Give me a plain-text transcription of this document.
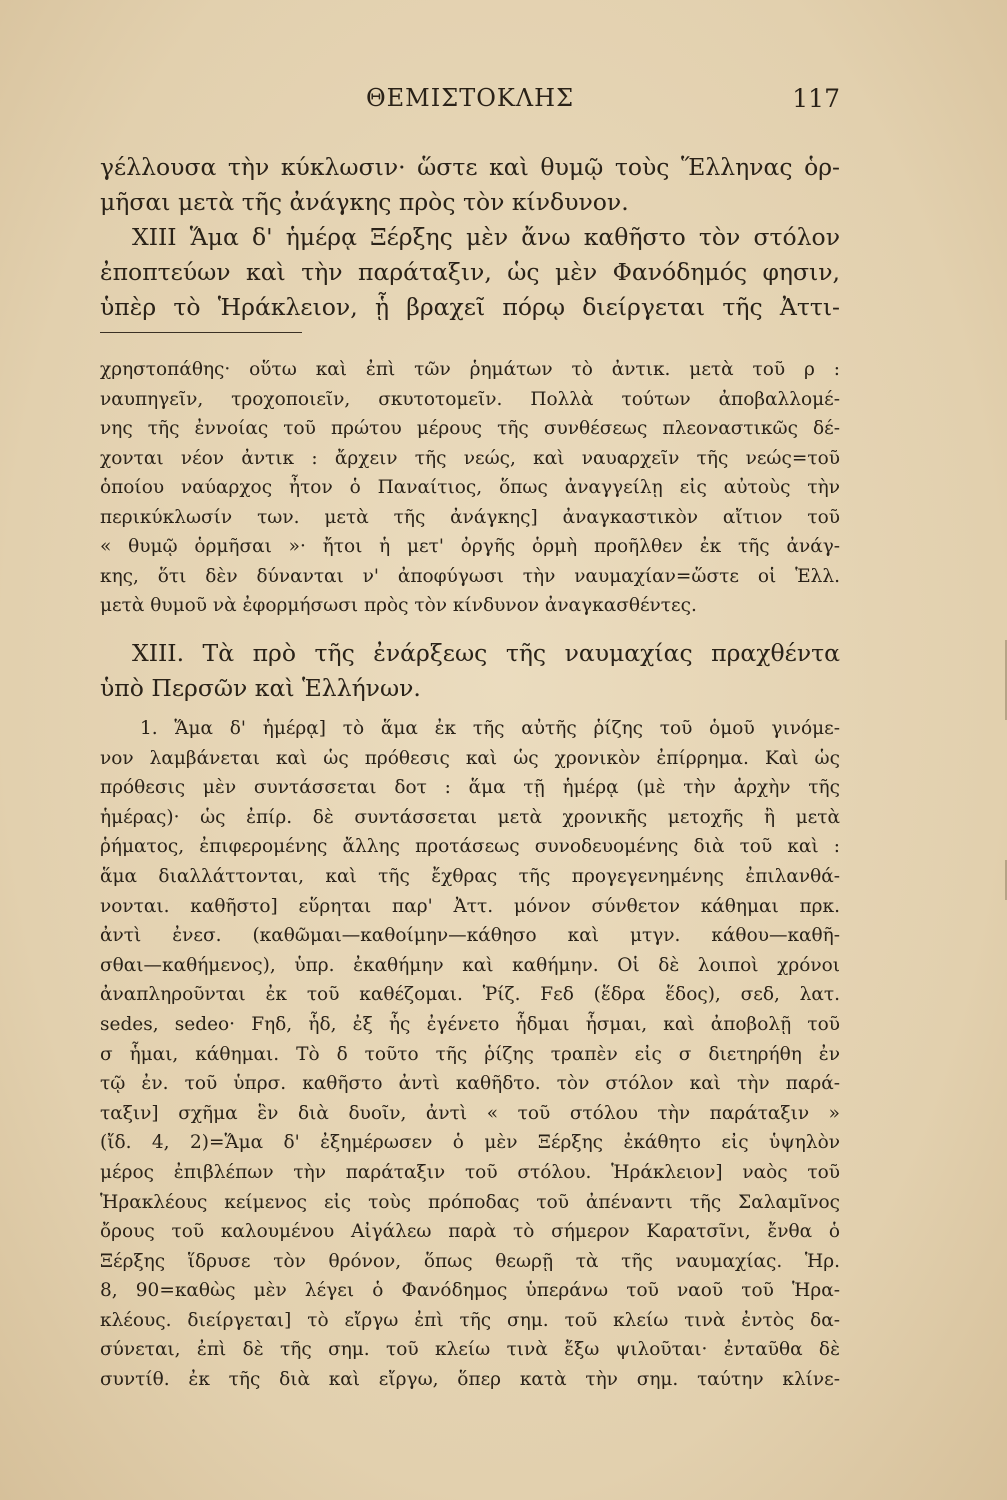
ΘΕΜΙΣΤΟΚΛΗΣ	117

γέλλουσα τὴν κύκλωσιν· ὥστε καὶ θυμῷ τοὺς Ἕλληνας ὁρ-

μῆσαι μετὰ τῆς ἀνάγκης πρὸς τὸν κίνδυνον.

XIII Ἅμα δ' ἡμέρᾳ Ξέρξης μὲν ἄνω καθῆστο τὸν στόλον

ἐποπτεύων καὶ τὴν παράταξιν, ὡς μὲν Φανόδημός φησιν,

ὑπὲρ τὸ Ἡράκλειον, ᾗ βραχεῖ πόρῳ διείργεται τῆς Ἀττι-

χρηστοπάθης· οὕτω καὶ ἐπὶ τῶν ῥημάτων τὸ ἀντικ. μετὰ τοῦ ρ :

ναυπηγεῖν, τροχοποιεῖν, σκυτοτομεῖν. Πολλὰ τούτων ἀποβαλλομέ-

νης τῆς ἐννοίας τοῦ πρώτου μέρους τῆς συνθέσεως πλεοναστικῶς δέ-

χονται νέον ἀντικ : ἄρχειν τῆς νεώς, καὶ ναυαρχεῖν τῆς νεώς=τοῦ

ὁποίου ναύαρχος ἦτον ὁ Παναίτιος, ὅπως ἀναγγείλῃ εἰς αὐτοὺς τὴν

περικύκλωσίν των. μετὰ τῆς ἀνάγκης] ἀναγκαστικὸν αἴτιον τοῦ

« θυμῷ ὁρμῆσαι »· ἤτοι ἡ μετ' ὀργῆς ὁρμὴ προῆλθεν ἐκ τῆς ἀνάγ-

κης, ὅτι δὲν δύνανται ν' ἀποφύγωσι τὴν ναυμαχίαν=ὥστε οἱ Ἑλλ.

μετὰ θυμοῦ νὰ ἐφορμήσωσι πρὸς τὸν κίνδυνον ἀναγκασθέντες.

XIII. Τὰ πρὸ τῆς ἐνάρξεως τῆς ναυμαχίας πραχθέντα

ὑπὸ Περσῶν καὶ Ἑλλήνων.

1. Ἅμα δ' ἡμέρᾳ] τὸ ἅμα ἐκ τῆς αὐτῆς ῥίζης τοῦ ὁμοῦ γινόμε-

νον λαμβάνεται καὶ ὡς πρόθεσις καὶ ὡς χρονικὸν ἐπίρρημα. Καὶ ὡς

πρόθεσις μὲν συντάσσεται δοτ : ἅμα τῇ ἡμέρᾳ (μὲ τὴν ἀρχὴν τῆς

ἡμέρας)· ὡς ἐπίρ. δὲ συντάσσεται μετὰ χρονικῆς μετοχῆς ἢ μετὰ

ῥήματος, ἐπιφερομένης ἄλλης προτάσεως συνοδευομένης διὰ τοῦ καὶ :

ἅμα διαλλάττονται, καὶ τῆς ἔχθρας τῆς προγεγενημένης ἐπιλανθά-

νονται. καθῆστο] εὕρηται παρ' Ἀττ. μόνον σύνθετον κάθημαι πρκ.

ἀντὶ ἐνεσ. (καθῶμαι—καθοίμην—κάθησο καὶ μτγν. κάθου—καθῆ-

σθαι—καθήμενος), ὑπρ. ἐκαθήμην καὶ καθήμην. Οἱ δὲ λοιποὶ χρόνοι

ἀναπληροῦνται ἐκ τοῦ καθέζομαι. Ῥίζ. Fεδ (ἕδρα ἕδος), σεδ, λατ.

sedes, sedeo· Fηδ, ἧδ, ἐξ ἧς ἐγένετο ἧδμαι ἧσμαι, καὶ ἀποβολῇ τοῦ

σ ἧμαι, κάθημαι. Τὸ δ τοῦτο τῆς ῥίζης τραπὲν εἰς σ διετηρήθη ἐν

τῷ ἐν. τοῦ ὑπρσ. καθῆστο ἀντὶ καθῆδτο. τὸν στόλον καὶ τὴν παρά-

ταξιν] σχῆμα ἓν διὰ δυοῖν, ἀντὶ « τοῦ στόλου τὴν παράταξιν »

(ἴδ. 4, 2)=Ἅμα δ' ἐξημέρωσεν ὁ μὲν Ξέρξης ἐκάθητο εἰς ὑψηλὸν

μέρος ἐπιβλέπων τὴν παράταξιν τοῦ στόλου. Ἡράκλειον] ναὸς τοῦ

Ἡρακλέους κείμενος εἰς τοὺς πρόποδας τοῦ ἀπέναντι τῆς Σαλαμῖνος

ὄρους τοῦ καλουμένου Αἰγάλεω παρὰ τὸ σήμερον Καρατσῖνι, ἔνθα ὁ

Ξέρξης ἵδρυσε τὸν θρόνον, ὅπως θεωρῇ τὰ τῆς ναυμαχίας. Ἡρ.

8, 90=καθὼς μὲν λέγει ὁ Φανόδημος ὑπεράνω τοῦ ναοῦ τοῦ Ἡρα-

κλέους. διείργεται] τὸ εἴργω ἐπὶ τῆς σημ. τοῦ κλείω τινὰ ἐντὸς δα-

σύνεται, ἐπὶ δὲ τῆς σημ. τοῦ κλείω τινὰ ἔξω ψιλοῦται· ἐνταῦθα δὲ

συντίθ. ἐκ τῆς διὰ καὶ εἴργω, ὅπερ κατὰ τὴν σημ. ταύτην κλίνε-
